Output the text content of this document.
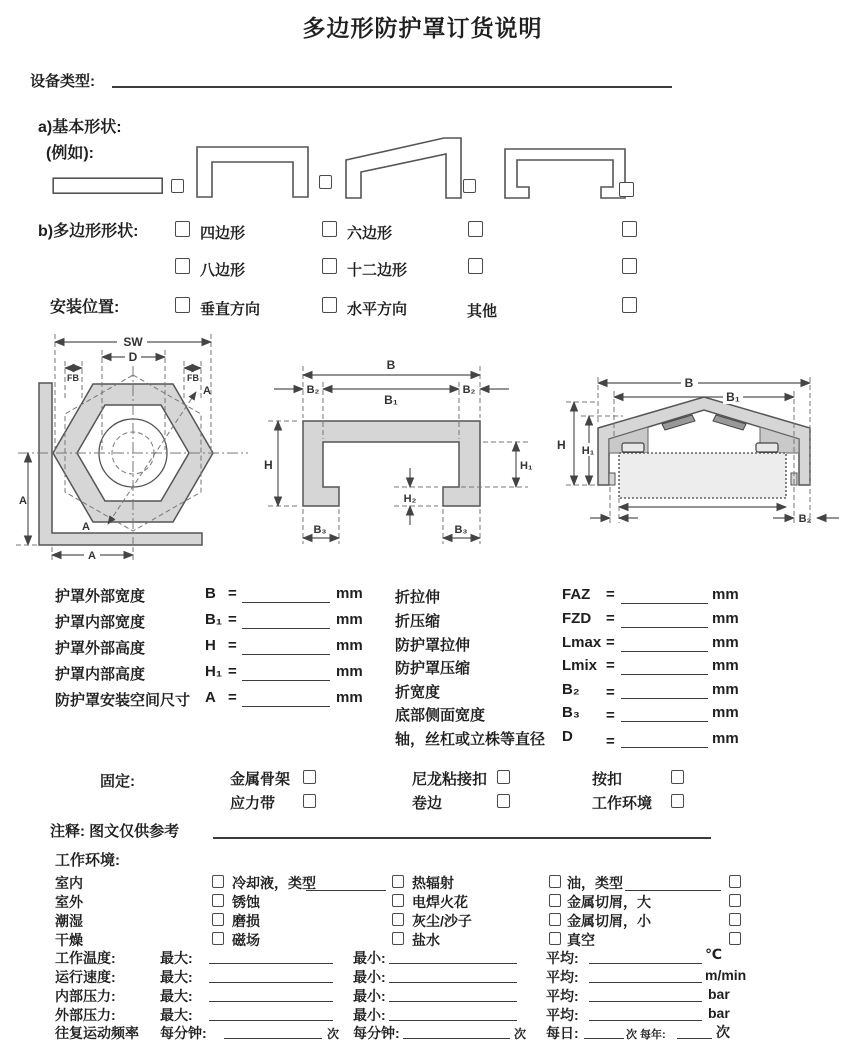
多边形防护罩订货说明
设备类型:
a)基本形状:
(例如):
b)多边形形状:	四边形	六边形
八边形	十二边形
安装位置:	垂直方向	水平方向	其他
A
A
SW
D
FB	FB
A
A
B
B₁
B₂	B₂
H	H₁
H₂
B₃	B₃
B
B₁
H H₁
B₂
护罩外部宽度	B =	mm
护罩内部宽度	B₁ =	mm
护罩外部高度	H =	mm
护罩内部高度	H₁ =	mm
防护罩安装空间尺寸 A =	mm
折拉伸	FAZ =	mm
折压缩	FZD =	mm
防护罩拉伸	Lmax =	mm
防护罩压缩	Lmix =	mm
折宽度	B₂ =	mm
底部侧面宽度	B₃ =	mm
轴，丝杠或立株等直径 D =	mm
固定:	金属骨架	尼龙粘接扣	按扣
应力带	卷边	工作环境
注释: 图文仅供参考
工作环境:
室内	冷却液，类型	热辐射	油，类型
室外	锈蚀	电焊火花	金属切屑，大
潮湿	磨损	灰尘/沙子	金属切屑，小
干燥	磁场	盐水	真空
工作温度:	最大:	最小:	平均:	℃
运行速度:	最大:	最小:	平均:	m/min
内部压力:	最大:	最小:	平均:	bar
外部压力:	最大:	最小:	平均:	bar
往复运动频率 每分钟:	次 每分钟:	次 每日:	次 每年:	次
